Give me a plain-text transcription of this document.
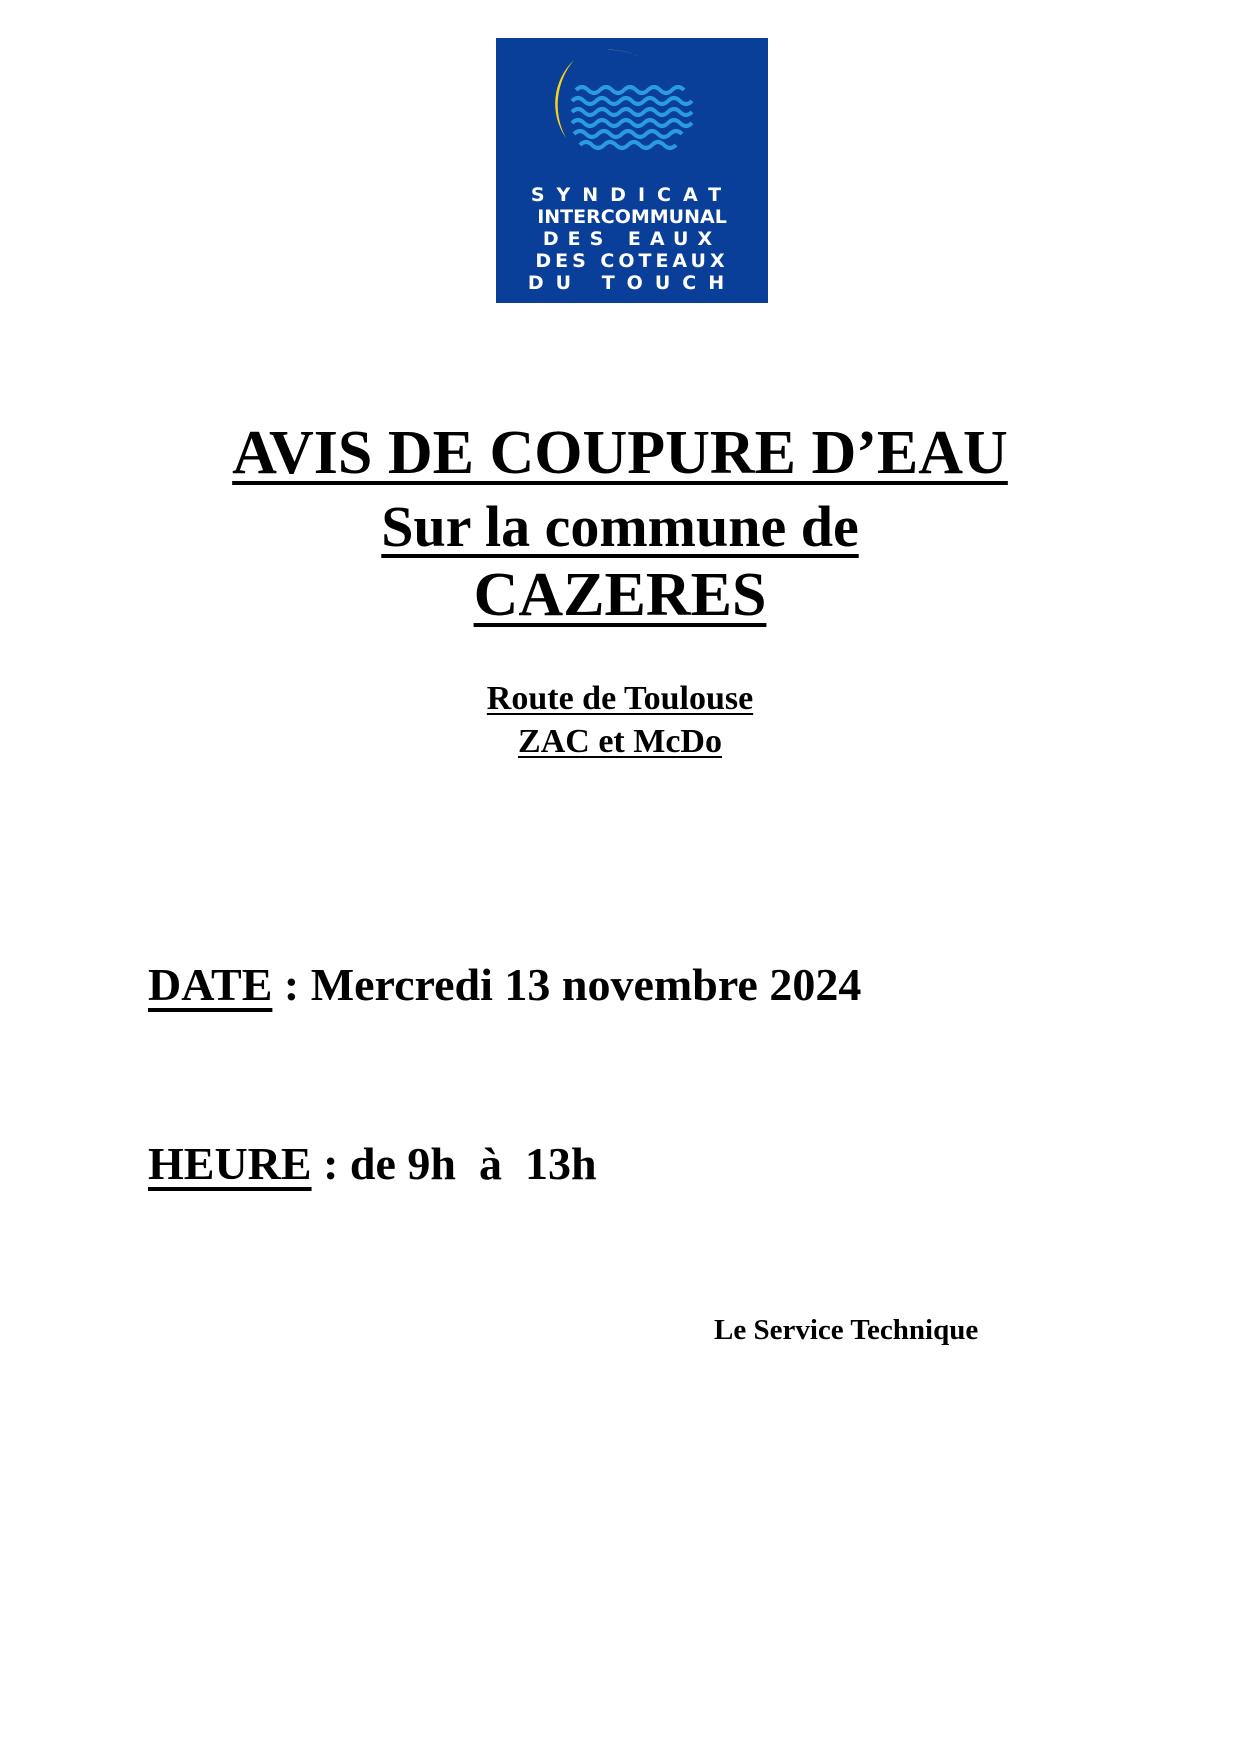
SYNDICAT
INTERCOMMUNAL
DES EAUX
DES COTEAUX
DU TOUCH
AVIS DE COUPURE D’EAU
Sur la commune de
CAZERES
Route de Toulouse
ZAC et McDo
DATE : Mercredi 13 novembre 2024
HEURE : de 9h  à  13h
Le Service Technique
